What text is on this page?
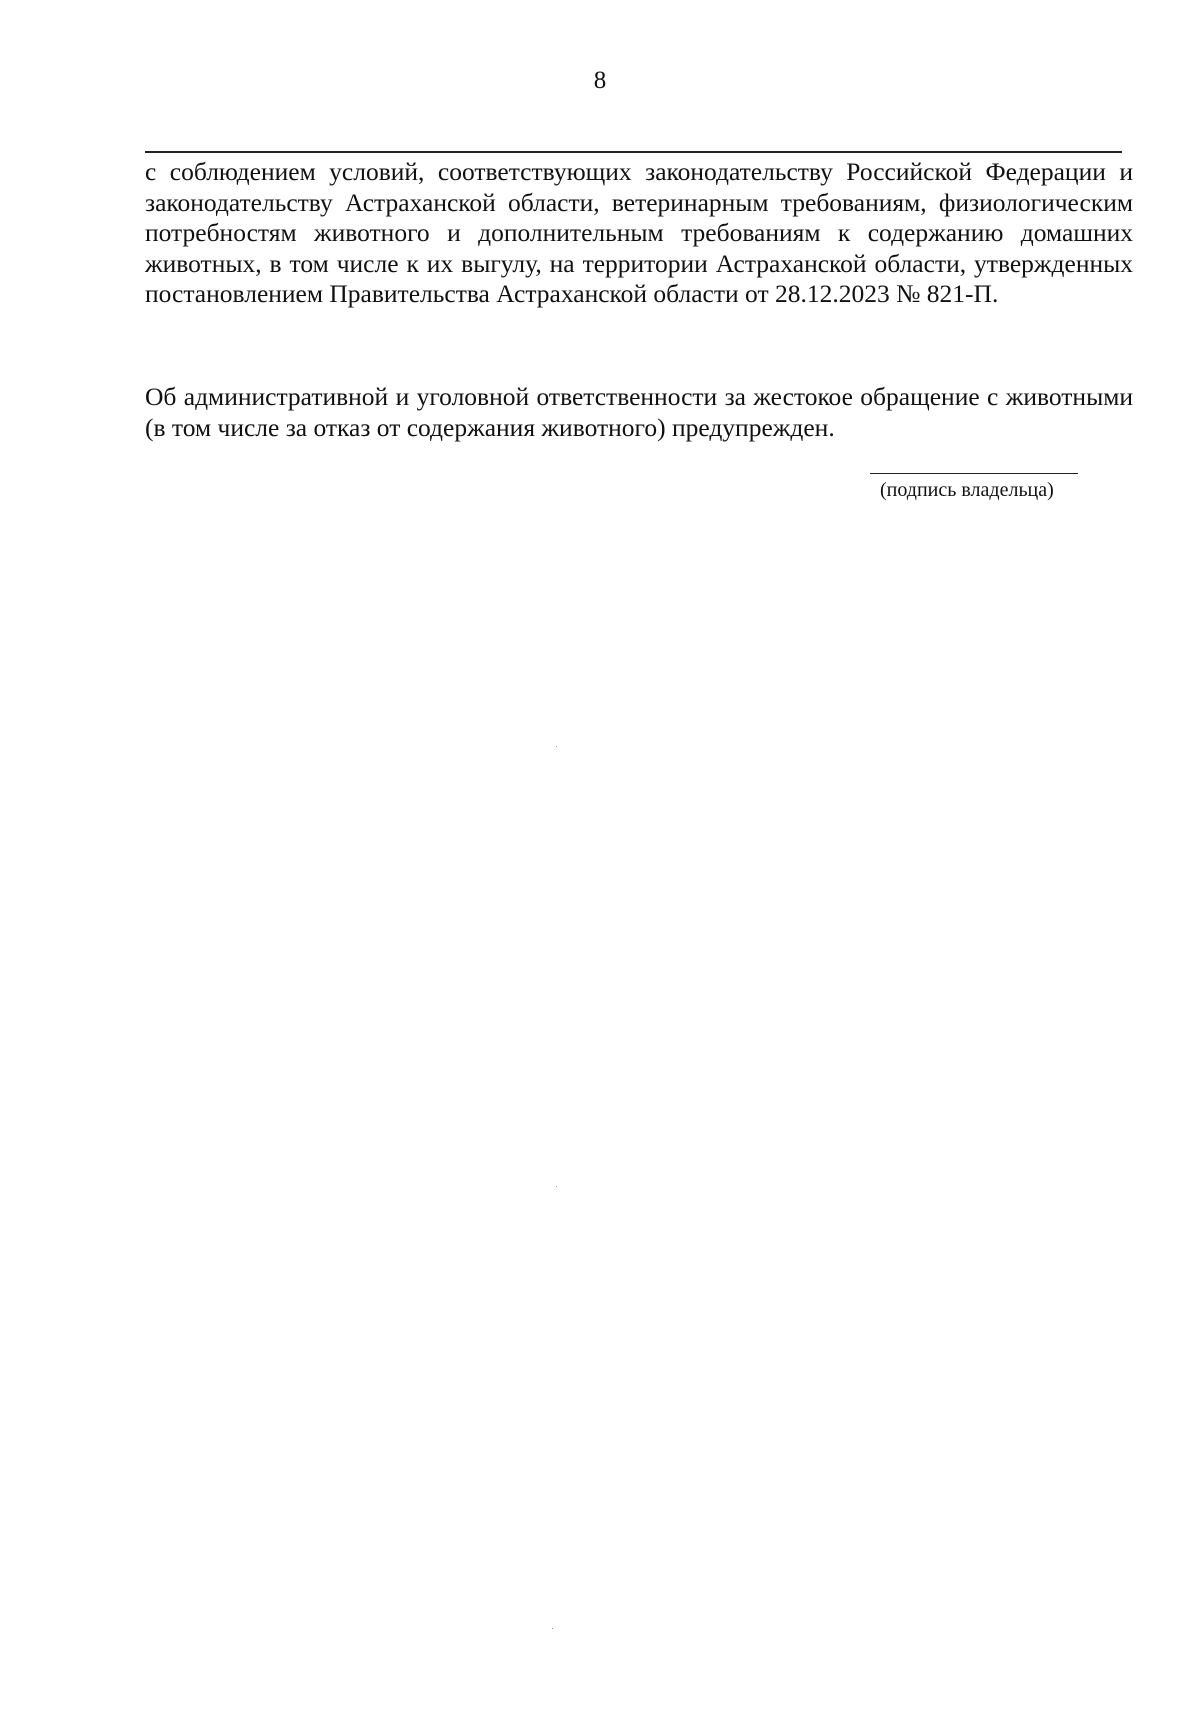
8

с соблюдением условий, соответствующих законодательству Российской Федерации и законодательству Астраханской области, ветеринарным требованиям, физиологическим потребностям животного и дополнительным требованиям к содержанию домашних животных, в том числе к их выгулу, на территории Астраханской области, утвержденных постановлением Правительства Астраханской области от 28.12.2023 № 821-П.

Об административной и уголовной ответственности за жестокое обращение с животными (в том числе за отказ от содержания животного) предупрежден.

(подпись владельца)
